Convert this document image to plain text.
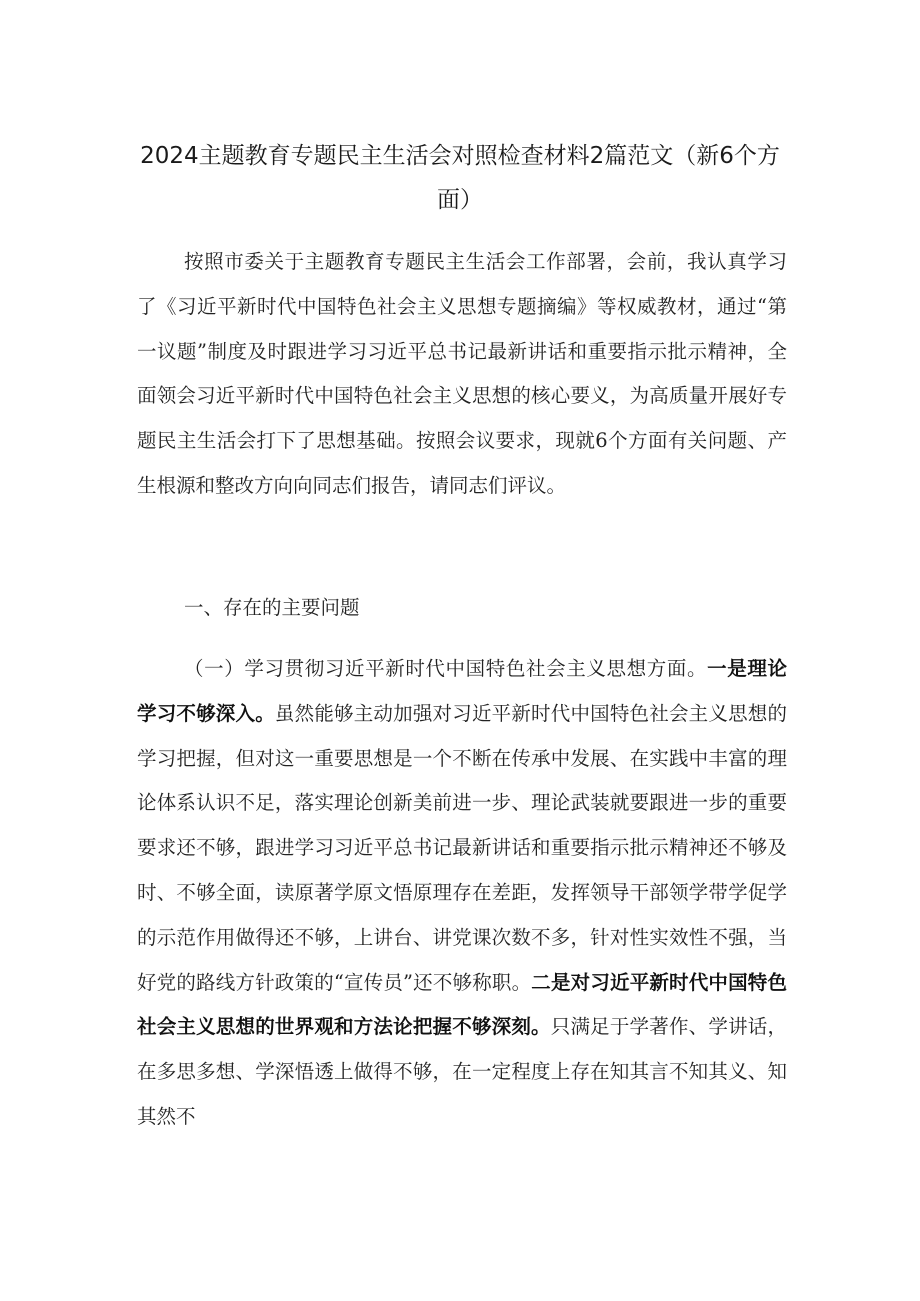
2024主题教育专题民主生活会对照检查材料2篇范文（新6个方
面）

按照市委关于主题教育专题民主生活会工作部署，会前，我认真学习了《习近平新时代中国特色社会主义思想专题摘编》等权威教材，通过“第一议题”制度及时跟进学习习近平总书记最新讲话和重要指示批示精神，全面领会习近平新时代中国特色社会主义思想的核心要义，为高质量开展好专题民主生活会打下了思想基础。按照会议要求，现就6个方面有关问题、产生根源和整改方向向同志们报告，请同志们评议。

一、存在的主要问题

（一）学习贯彻习近平新时代中国特色社会主义思想方面。一是理论学习不够深入。虽然能够主动加强对习近平新时代中国特色社会主义思想的学习把握，但对这一重要思想是一个不断在传承中发展、在实践中丰富的理论体系认识不足，落实理论创新美前进一步、理论武装就要跟进一步的重要要求还不够，跟进学习习近平总书记最新讲话和重要指示批示精神还不够及时、不够全面，读原著学原文悟原理存在差距，发挥领导干部领学带学促学的示范作用做得还不够，上讲台、讲党课次数不多，针对性实效性不强，当好党的路线方针政策的“宣传员”还不够称职。二是对习近平新时代中国特色社会主义思想的世界观和方法论把握不够深刻。只满足于学著作、学讲话，在多思多想、学深悟透上做得不够，在一定程度上存在知其言不知其义、知其然不
